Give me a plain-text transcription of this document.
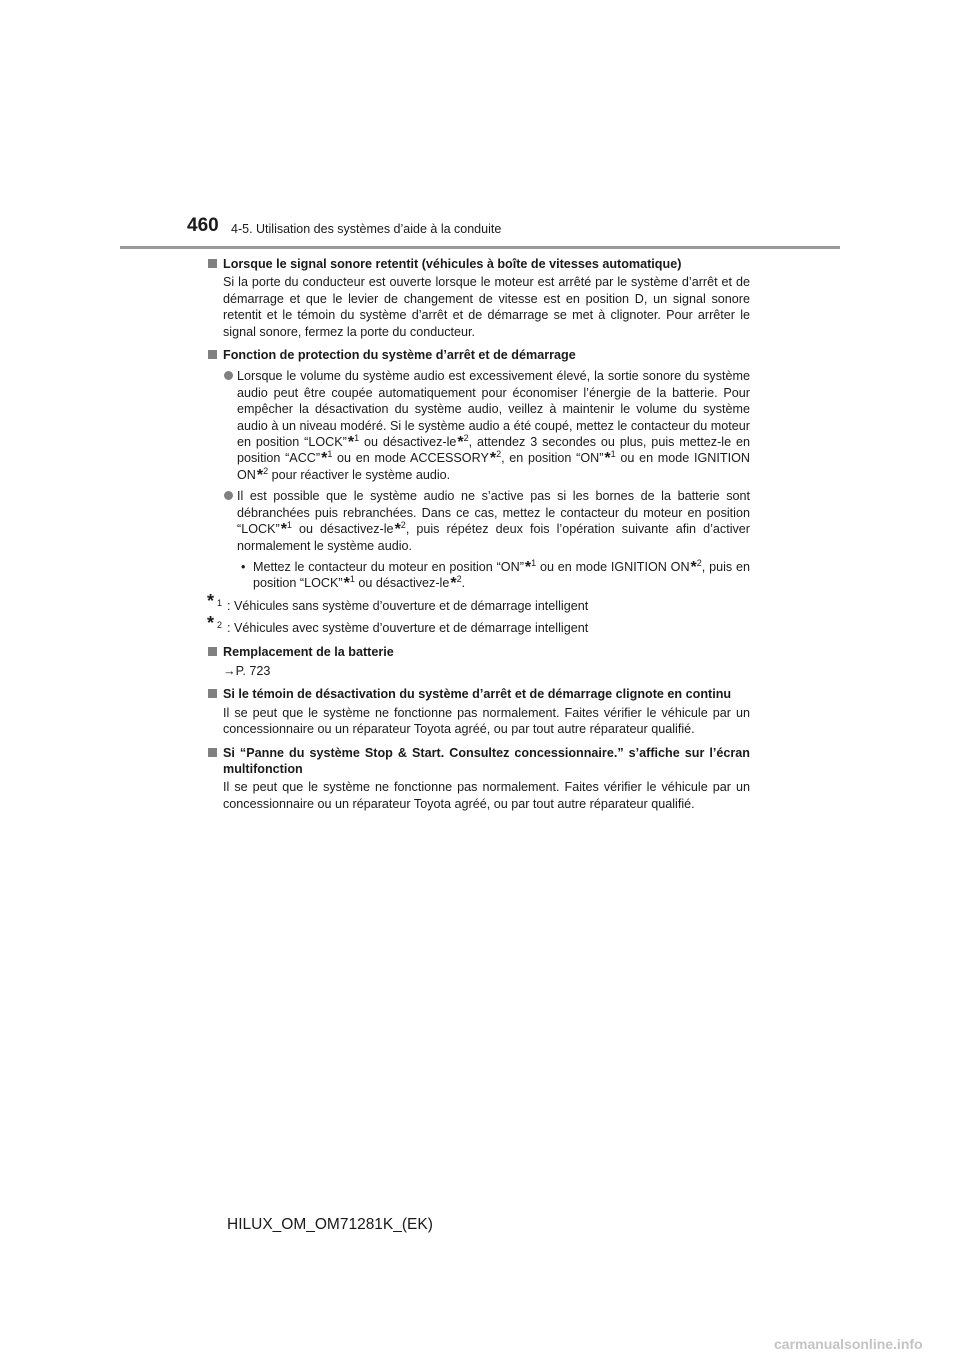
460 4-5. Utilisation des systèmes d’aide à la conduite
Lorsque le signal sonore retentit (véhicules à boîte de vitesses automatique)
Si la porte du conducteur est ouverte lorsque le moteur est arrêté par le système d’arrêt et de démarrage et que le levier de changement de vitesse est en position D, un signal sonore retentit et le témoin du système d’arrêt et de démarrage se met à clignoter. Pour arrêter le signal sonore, fermez la porte du conducteur.
Fonction de protection du système d’arrêt et de démarrage
Lorsque le volume du système audio est excessivement élevé, la sortie sonore du système audio peut être coupée automatiquement pour économiser l’énergie de la batterie. Pour empêcher la désactivation du système audio, veillez à maintenir le volume du système audio à un niveau modéré. Si le système audio a été coupé, mettez le contacteur du moteur en position “LOCK”*$^1$ ou désactivez-le*$^2$, attendez 3 secondes ou plus, puis mettez-le en position “ACC”*$^1$ ou en mode ACCESSORY*$^2$, en position “ON”*$^1$ ou en mode IGNITION ON*$^2$ pour réactiver le système audio.
Il est possible que le système audio ne s’active pas si les bornes de la batterie sont débranchées puis rebranchées. Dans ce cas, mettez le contacteur du moteur en position “LOCK”*$^1$ ou désactivez-le*$^2$, puis répétez deux fois l’opération suivante afin d’activer normalement le système audio.
• Mettez le contacteur du moteur en position “ON”*$^1$ ou en mode IGNITION ON*$^2$, puis en position “LOCK”*$^1$ ou désactivez-le*$^2$.
* 1 : Véhicules sans système d’ouverture et de démarrage intelligent
* 2 : Véhicules avec système d’ouverture et de démarrage intelligent
Remplacement de la batterie
→P. 723
Si le témoin de désactivation du système d’arrêt et de démarrage clignote en continu
Il se peut que le système ne fonctionne pas normalement. Faites vérifier le véhicule par un concessionnaire ou un réparateur Toyota agréé, ou par tout autre réparateur qualifié.
Si “Panne du système Stop & Start. Consultez concessionnaire.” s’affiche sur l’écran multifonction
Il se peut que le système ne fonctionne pas normalement. Faites vérifier le véhicule par un concessionnaire ou un réparateur Toyota agréé, ou par tout autre réparateur qualifié.
HILUX_OM_OM71281K_(EK)
carmanualsonline.info
